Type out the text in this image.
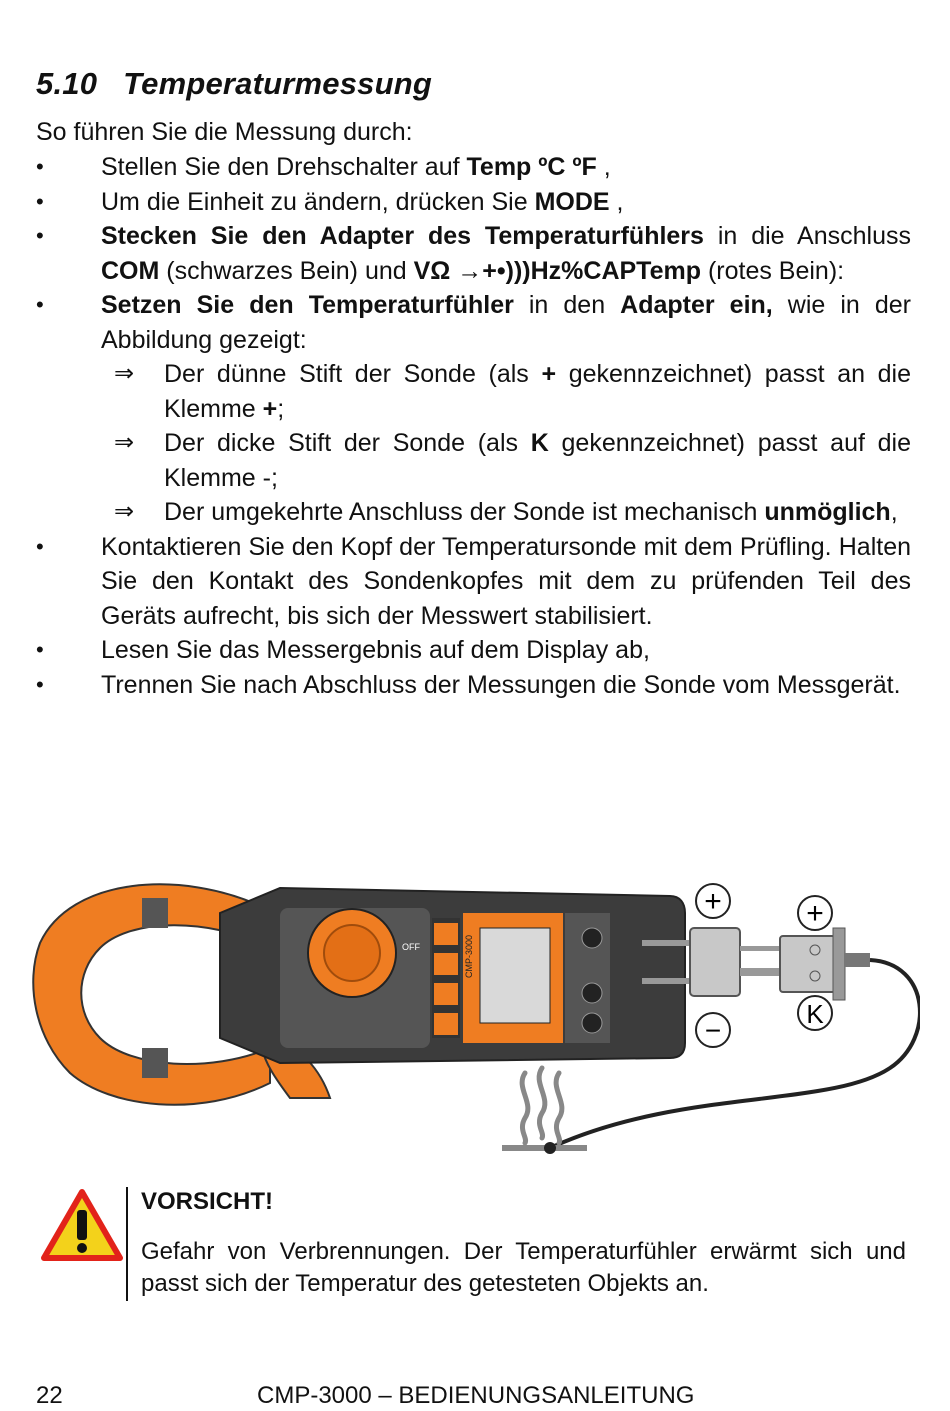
5.10 Temperaturmessung
So führen Sie die Messung durch:
• Stellen Sie den Drehschalter auf Temp ºC ºF ,
• Um die Einheit zu ändern, drücken Sie MODE ,
• Stecken Sie den Adapter des Temperaturfühlers in die Anschluss COM (schwarzes Bein) und VΩ →+•)))Hz%CAPTemp (rotes Bein):
• Setzen Sie den Temperaturfühler in den Adapter ein, wie in der Abbildung gezeigt:
⇒ Der dünne Stift der Sonde (als + gekennzeichnet) passt an die Klemme +;
⇒ Der dicke Stift der Sonde (als K gekennzeichnet) passt auf die Klemme -;
⇒ Der umgekehrte Anschluss der Sonde ist mechanisch unmöglich,
• Kontaktieren Sie den Kopf der Temperatursonde mit dem Prüfling. Halten Sie den Kontakt des Sondenkopfes mit dem zu prüfenden Teil des Geräts aufrecht, bis sich der Messwert stabilisiert.
• Lesen Sie das Messergebnis auf dem Display ab,
• Trennen Sie nach Abschluss der Messungen die Sonde vom Messgerät.
OFF	CMP-3000
+	+
−
K
VORSICHT!
Gefahr von Verbrennungen. Der Temperaturfühler erwärmt sich und passt sich der Temperatur des getesteten Objekts an.
22	CMP-3000 – BEDIENUNGSANLEITUNG
